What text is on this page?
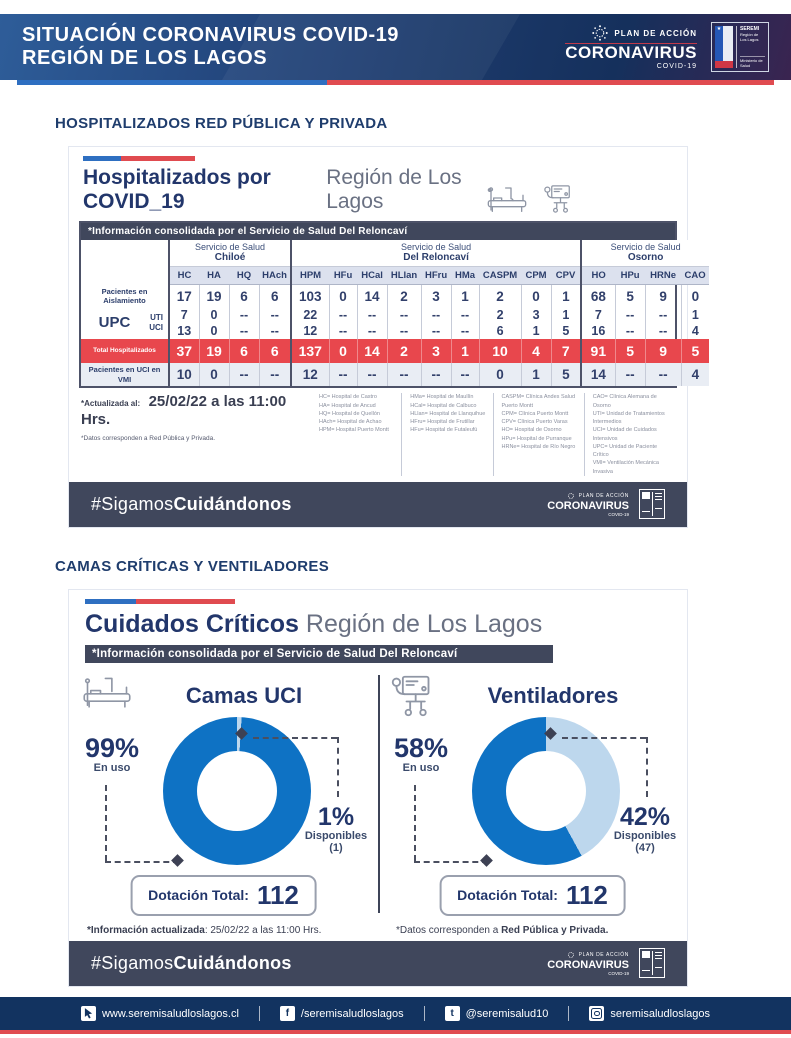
SITUACIÓN CORONAVIRUS COVID-19
REGIÓN DE LOS LAGOS
PLAN DE ACCIÓN
CORONAVIRUS
COVID-19
★	SEREMI
Región de Los Lagos
Ministerio de Salud
HOSPITALIZADOS RED PÚBLICA Y PRIVADA
Hospitalizados por COVID_19
Región de Los Lagos
*Información consolidada por el Servicio de Salud Del Reloncaví

Servicio de Salud
Chiloé

Servicio de Salud
Del Reloncaví

Servicio de Salud
Osorno

	HC	HA	HQ	HAch	HPM	HFu	HCal	HLlan	HFru	HMa	CASPM	CPM	CPV	HO	HPu	HRNe	CAO
Pacientes en Aislamiento	17	19	6	6	103	0	14	2	3	1	2	0	1	68	5	9	0

UPC UTI
UCI	7	0	--	--	22	--	--	--	--	--	2	3	1	7	--	--	1
	13	0	--	--	12	--	--	--	--	--	6	1	5	16	--	--	4
Total Hospitalizados	37	19	6	6	137	0	14	2	3	1	10	4	7	91	5	9	5
Pacientes en UCI en VMI	10	0	--	--	12	--	--	--	--	--	0	1	5	14	--	--	4
*Actualizada al: 25/02/22 a las 11:00 Hrs.
*Datos corresponden a Red Pública y Privada.
HC= Hospital de Castro
HA= Hospital de Ancud
HQ= Hospital de Quellón
HAch= Hospital de Achao
HPM= Hospital Puerto Montt
HMa= Hospital de Maullín
HCal= Hospital de Calbuco
HLlan= Hospital de Llanquihue
HFru= Hospital de Frutillar
HFu= Hospital de Futaleufú
CASPM= Clínica Andes Salud Puerto Montt
CPM= Clínica Puerto Montt
CPV= Clínica Puerto Varas
HO= Hospital de Osorno
HPu= Hospital de Purranque
HRNe= Hospital de Río Negro
CAO= Clínica Alemana de Osorno
UTI= Unidad de Tratamientos Intermedios
UCI= Unidad de Cuidados Intensivos
UPC= Unidad de Paciente Crítico
VMI= Ventilación Mecánica Invasiva
#SigamosCuidándonos	PLAN DE ACCIÓN
CORONAVIRUS
COVID-19
CAMAS CRÍTICAS Y VENTILADORES
Cuidados Críticos Región de Los Lagos
*Información consolidada por el Servicio de Salud Del Reloncaví
Camas UCI
99%
En uso
1%
Disponibles
(1)
Dotación Total: 112
Ventiladores
58%
En uso
42%
Disponibles
(47)
Dotación Total: 112
*Información actualizada: 25/02/22 a las 11:00 Hrs.	*Datos corresponden a Red Pública y Privada.
#SigamosCuidándonos	PLAN DE ACCIÓN
CORONAVIRUS
COVID-19
www.seremisaludloslagos.cl	f	/seremisaludloslagos	t	@seremisalud10	seremisaludloslagos
